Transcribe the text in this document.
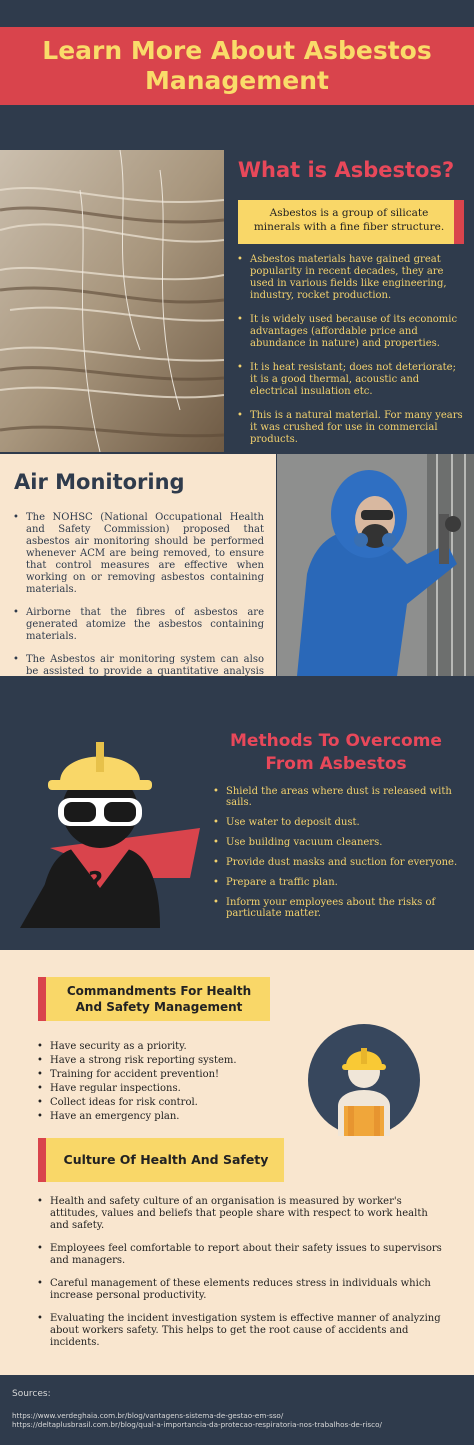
Learn More About Asbestos Management
What is Asbestos?
Asbestos is a group of silicate minerals with a fine fiber structure.
• Asbestos materials have gained great popularity in recent decades, they are used in various fields like engineering, industry, rocket production.
• It is widely used because of its economic advantages (affordable price and abundance in nature) and properties.
• It is heat resistant; does not deteriorate; it is a good thermal, acoustic and electrical insulation etc.
• This is a natural material. For many years it was crushed for use in commercial products.
Air Monitoring
• The NOHSC (National Occupational Health and Safety Commission) proposed that asbestos air monitoring should be performed whenever ACM are being removed, to ensure that control measures are effective when working on or removing asbestos containing materials.
• Airborne that the fibres of asbestos are generated atomize the asbestos containing materials.
• The Asbestos air monitoring system can also be assisted to provide a quantitative analysis
?
Methods To Overcome From Asbestos
• Shield the areas where dust is released with sails.
• Use water to deposit dust.
• Use building vacuum cleaners.
• Provide dust masks and suction for everyone.
• Prepare a traffic plan.
• Inform your employees about the risks of particulate matter.
Commandments For Health And Safety Management
• Have security as a priority.
• Have a strong risk reporting system.
• Training for accident prevention!
• Have regular inspections.
• Collect ideas for risk control.
• Have an emergency plan.
Culture Of Health And Safety
• Health and safety culture of an organisation is measured by worker's attitudes, values and beliefs that people share with respect to work health and safety.
• Employees feel comfortable to report about their safety issues to supervisors and managers.
• Careful management of these elements reduces stress in individuals which increase personal productivity.
• Evaluating the incident investigation system is effective manner of analyzing about workers safety. This helps to get the root cause of accidents and incidents.
Sources:
https://www.verdeghaia.com.br/blog/vantagens-sistema-de-gestao-em-sso/
https://deltaplusbrasil.com.br/blog/qual-a-importancia-da-protecao-respiratoria-nos-trabalhos-de-risco/
